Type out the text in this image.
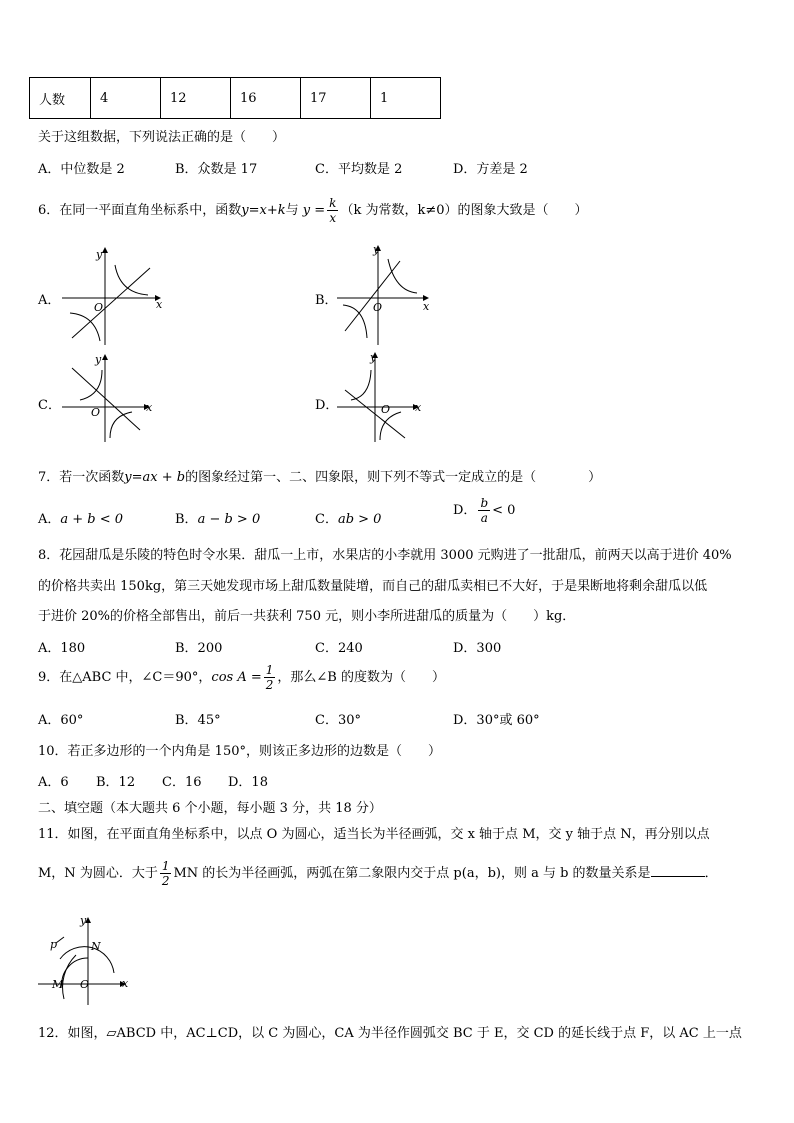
人数	4	12	16	17	1
关于这组数据，下列说法正确的是（　　）
A．中位数是 2	B．众数是 17	C．平均数是 2	D．方差是 2
6．在同一平面直角坐标系中，函数y=x+k与 $y = \frac{k}{x} (k$ 为常数，k≠0）的图象大致是（　　）
A．	B．
C．	D．
x
y
O	x
y
O
x
y
O	x
y
O
7．若一次函数y=ax + b的图象经过第一、二、四象限，则下列不等式一定成立的是（　　　　）
A．a + b < 0	B．a − b > 0	C．ab > 0
D． $\frac{b}{a} < 0$
8．花园甜瓜是乐陵的特色时令水果．甜瓜一上市，水果店的小李就用 3000 元购进了一批甜瓜，前两天以高于进价 40%
的价格共卖出 150kg，第三天她发现市场上甜瓜数量陡增，而自己的甜瓜卖相已不大好，于是果断地将剩余甜瓜以低
于进价 20%的价格全部售出，前后一共获利 750 元，则小李所进甜瓜的质量为（　　）kg．
A．180	B．200	C．240	D．300
9．在△ABC 中，∠C＝90°，$\cos A = \frac{1}{2}$ ，那么∠B 的度数为（　　）
A．60°	B．45°	C．30°	D．30°或 60°
10．若正多边形的一个内角是 150°，则该正多边形的边数是（　　）
A．6 B．12 C．16 D．18
二、填空题（本大题共 6 个小题，每小题 3 分，共 18 分）
11．如图，在平面直角坐标系中，以点 O 为圆心，适当长为半径画弧，交 x 轴于点 M，交 y 轴于点 N，再分别以点
M，N 为圆心．大于 $\frac{1}{2}$ MN 的长为半径画弧，两弧在第二象限内交于点 p(a，b)，则 a 与 b 的数量关系是	．
x
y
M O
N
p
12．如图，▱ABCD 中，AC⊥CD，以 C 为圆心，CA 为半径作圆弧交 BC 于 E，交 CD 的延长线于点 F，以 AC 上一点
